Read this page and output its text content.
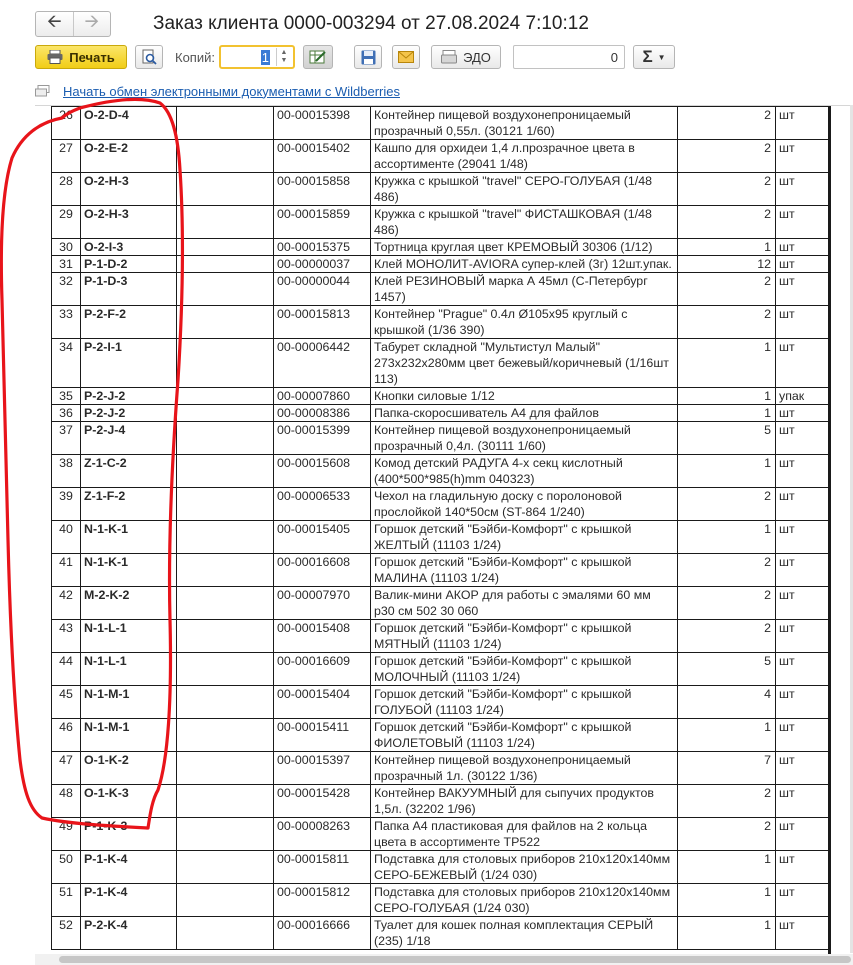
🡨 🡪	Заказ клиента 0000-003294 от 27.08.2024 7:10:12
Печать	Копий:	1 ▲
▼	ЭДО	0 Σ ▼
Начать обмен электронными документами с Wildberries
26	O-2-D-4		00-00015398	Контейнер пищевой воздухонепроницаемый прозрачный 0,55л. (30121 1/60)	2	шт
27	O-2-E-2		00-00015402	Кашпо для орхидеи 1,4 л.прозрачное цвета в ассортименте (29041 1/48)	2	шт
28	O-2-H-3		00-00015858	Кружка с крышкой "travel" СЕРО-ГОЛУБАЯ (1/48 486)	2	шт
29	O-2-H-3		00-00015859	Кружка с крышкой "travel" ФИСТАШКОВАЯ (1/48 486)	2	шт
30	O-2-I-3		00-00015375	Тортница круглая цвет КРЕМОВЫЙ 30306 (1/12)	1	шт
31	P-1-D-2		00-00000037	Клей МОНОЛИТ-AVIORA супер-клей (3г) 12шт.упак.	12	шт
32	P-1-D-3		00-00000044	Клей РЕЗИНОВЫЙ марка А 45мл (С-Петербург 1457)	2	шт
33	P-2-F-2		00-00015813	Контейнер "Prague" 0.4л Ø105х95 круглый с крышкой (1/36 390)	2	шт
34	P-2-I-1		00-00006442	Табурет складной "Мультистул Малый" 273х232х280мм цвет бежевый/коричневый (1/16шт 113)	1	шт
35	P-2-J-2		00-00007860	Кнопки силовые 1/12	1	упак
36	P-2-J-2		00-00008386	Папка-скоросшиватель А4 для файлов	1	шт
37	P-2-J-4		00-00015399	Контейнер пищевой воздухонепроницаемый прозрачный 0,4л. (30111 1/60)	5	шт
38	Z-1-C-2		00-00015608	Комод детский РАДУГА 4-х секц кислотный (400*500*985(h)mm 040323)	1	шт
39	Z-1-F-2		00-00006533	Чехол на гладильную доску с поролоновой прослойкой 140*50см (ST-864 1/240)	2	шт
40	N-1-K-1		00-00015405	Горшок детский "Бэйби-Комфорт" с крышкой ЖЕЛТЫЙ (11103 1/24)	1	шт
41	N-1-K-1		00-00016608	Горшок детский "Бэйби-Комфорт" с крышкой МАЛИНА (11103 1/24)	2	шт
42	M-2-K-2		00-00007970	Валик-мини АКОР для работы с эмалями 60 мм р30 см 502 30 060	2	шт
43	N-1-L-1		00-00015408	Горшок детский "Бэйби-Комфорт" с крышкой МЯТНЫЙ (11103 1/24)	2	шт
44	N-1-L-1		00-00016609	Горшок детский "Бэйби-Комфорт" с крышкой МОЛОЧНЫЙ (11103 1/24)	5	шт
45	N-1-M-1		00-00015404	Горшок детский "Бэйби-Комфорт" с крышкой ГОЛУБОЙ (11103 1/24)	4	шт
46	N-1-M-1		00-00015411	Горшок детский "Бэйби-Комфорт" с крышкой ФИОЛЕТОВЫЙ (11103 1/24)	1	шт
47	O-1-K-2		00-00015397	Контейнер пищевой воздухонепроницаемый прозрачный 1л. (30122 1/36)	7	шт
48	O-1-K-3		00-00015428	Контейнер ВАКУУМНЫЙ для сыпучих продуктов 1,5л. (32202 1/96)	2	шт
49	P-1-K-3		00-00008263	Папка А4 пластиковая для файлов на 2 кольца цвета в ассортименте ТР522	2	шт
50	P-1-K-4		00-00015811	Подставка для столовых приборов 210х120х140мм СЕРО-БЕЖЕВЫЙ (1/24 030)	1	шт
51	P-1-K-4		00-00015812	Подставка для столовых приборов 210х120х140мм СЕРО-ГОЛУБАЯ (1/24 030)	1	шт
52	P-2-K-4		00-00016666	Туалет для кошек полная комплектация СЕРЫЙ (235) 1/18	1	шт
